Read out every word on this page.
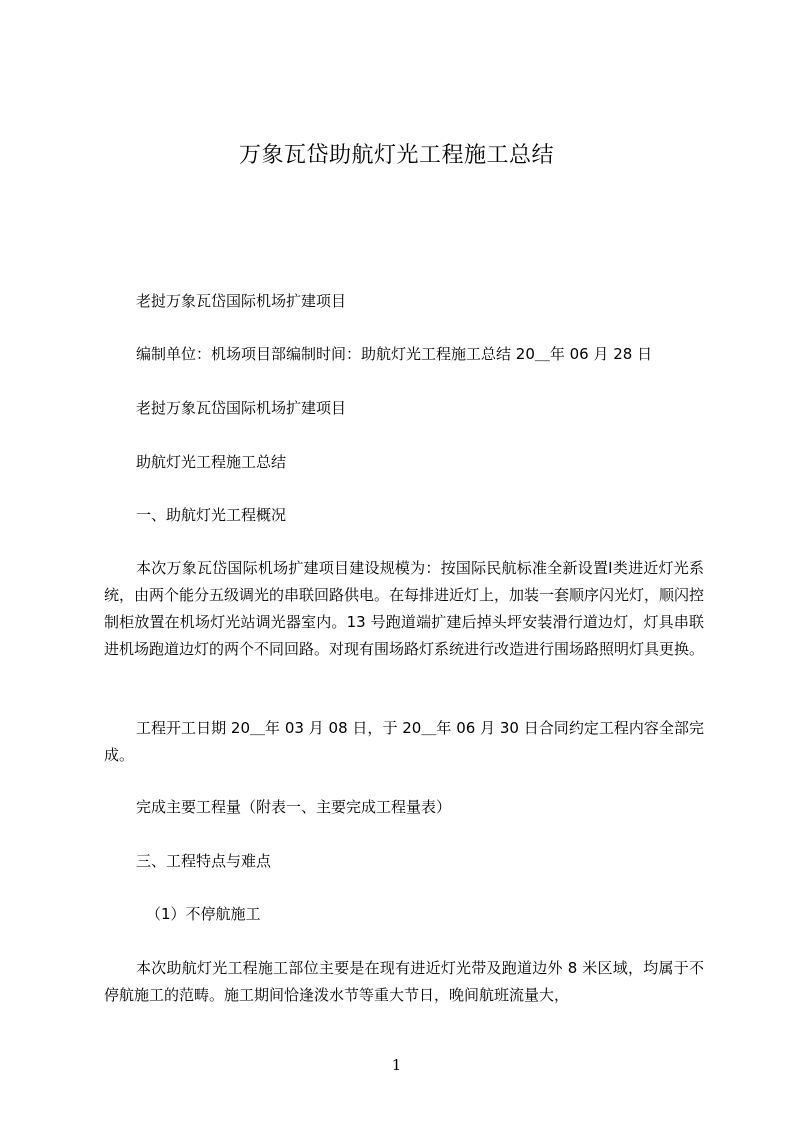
万象瓦岱助航灯光工程施工总结
老挝万象瓦岱国际机场扩建项目
编制单位：机场项目部编制时间：助航灯光工程施工总结 20＿年 06 月 28 日
老挝万象瓦岱国际机场扩建项目
助航灯光工程施工总结
一、助航灯光工程概况

本次万象瓦岱国际机场扩建项目建设规模为：按国际民航标准全新设置Ⅰ类进近灯光系统，由两个能分五级调光的串联回路供电。在每排进近灯上，加装一套顺序闪光灯，顺闪控制柜放置在机场灯光站调光器室内。13 号跑道端扩建后掉头坪安装滑行道边灯，灯具串联进机场跑道边灯的两个不同回路。对现有围场路灯系统进行改造进行围场路照明灯具更换。

工程开工日期 20＿年 03 月 08 日，于 20＿年 06 月 30 日合同约定工程内容全部完成。

完成主要工程量（附表一、主要完成工程量表）
三、工程特点与难点
（1）不停航施工

本次助航灯光工程施工部位主要是在现有进近灯光带及跑道边外 8 米区域，均属于不停航施工的范畴。施工期间恰逢泼水节等重大节日，晚间航班流量大，

1
